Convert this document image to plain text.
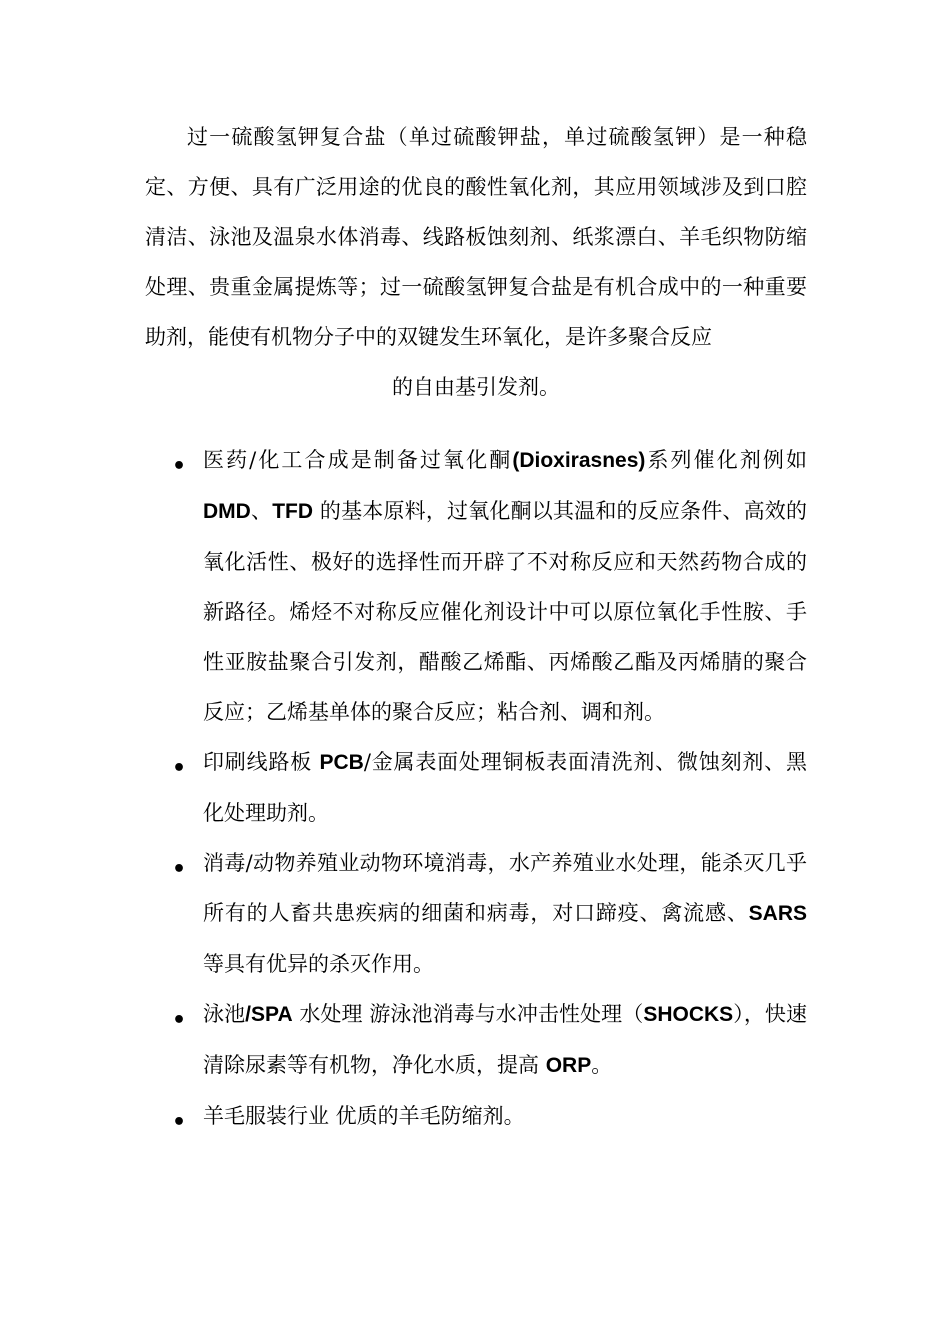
过一硫酸氢钾复合盐（单过硫酸钾盐，单过硫酸氢钾）是一种稳定、方便、具有广泛用途的优良的酸性氧化剂，其应用领域涉及到口腔清洁、泳池及温泉水体消毒、线路板蚀刻剂、纸浆漂白、羊毛织物防缩处理、贵重金属提炼等；过一硫酸氢钾复合盐是有机合成中的一种重要助剂，能使有机物分子中的双键发生环氧化，是许多聚合反应
的自由基引发剂。

• 医药/化工合成是制备过氧化酮(Dioxirasnes)系列催化剂例如DMD、TFD 的基本原料，过氧化酮以其温和的反应条件、高效的氧化活性、极好的选择性而开辟了不对称反应和天然药物合成的新路径。烯烃不对称反应催化剂设计中可以原位氧化手性胺、手性亚胺盐聚合引发剂，醋酸乙烯酯、丙烯酸乙酯及丙烯腈的聚合反应；乙烯基单体的聚合反应；粘合剂、调和剂。
• 印刷线路板 PCB/金属表面处理铜板表面清洗剂、微蚀刻剂、黑化处理助剂。
• 消毒/动物养殖业动物环境消毒，水产养殖业水处理，能杀灭几乎所有的人畜共患疾病的细菌和病毒，对口蹄疫、禽流感、SARS 等具有优异的杀灭作用。
• 泳池/SPA 水处理 游泳池消毒与水冲击性处理（SHOCKS），快速清除尿素等有机物，净化水质，提高 ORP。
• 羊毛服装行业 优质的羊毛防缩剂。
